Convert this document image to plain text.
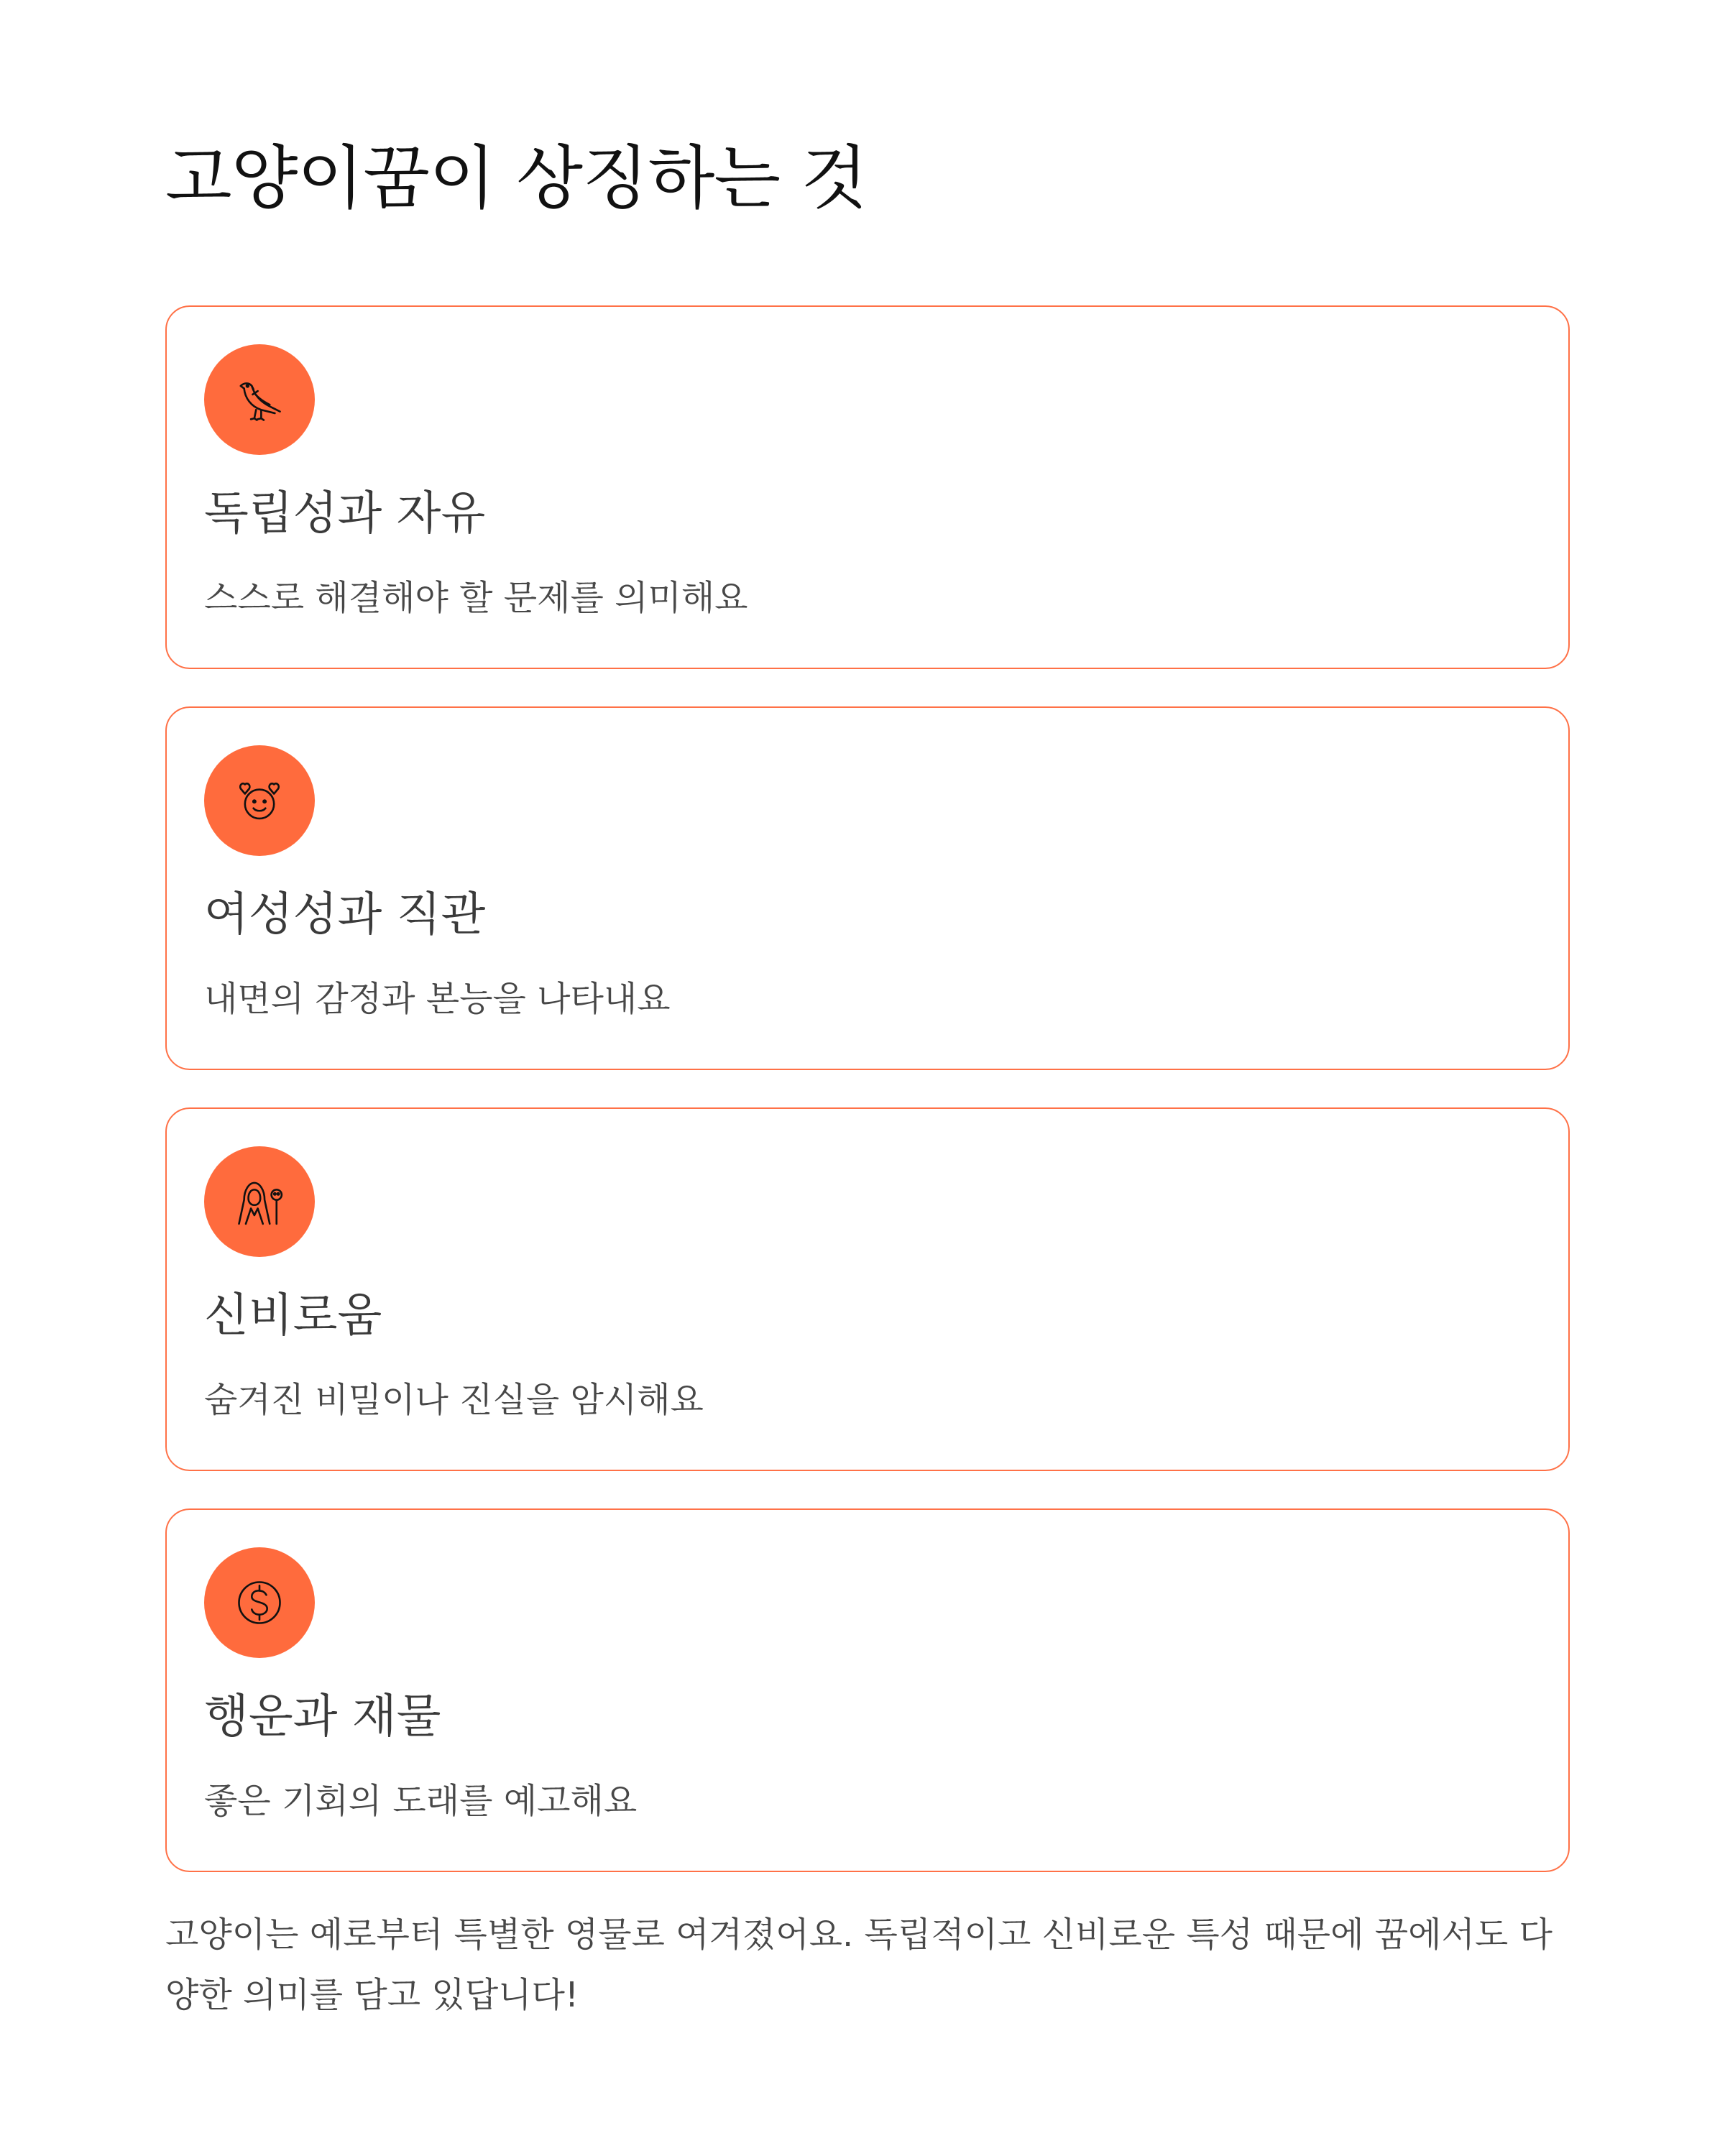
고양이꿈이 상징하는 것
독립성과 자유
스스로 해결해야 할 문제를 의미해요
여성성과 직관
내면의 감정과 본능을 나타내요
신비로움
숨겨진 비밀이나 진실을 암시해요
행운과 재물
좋은 기회의 도래를 예고해요

고양이는 예로부터 특별한 영물로 여겨졌어요. 독립적이고 신비로운 특성 때문에 꿈에서도 다양한 의미를 담고 있답니다!
